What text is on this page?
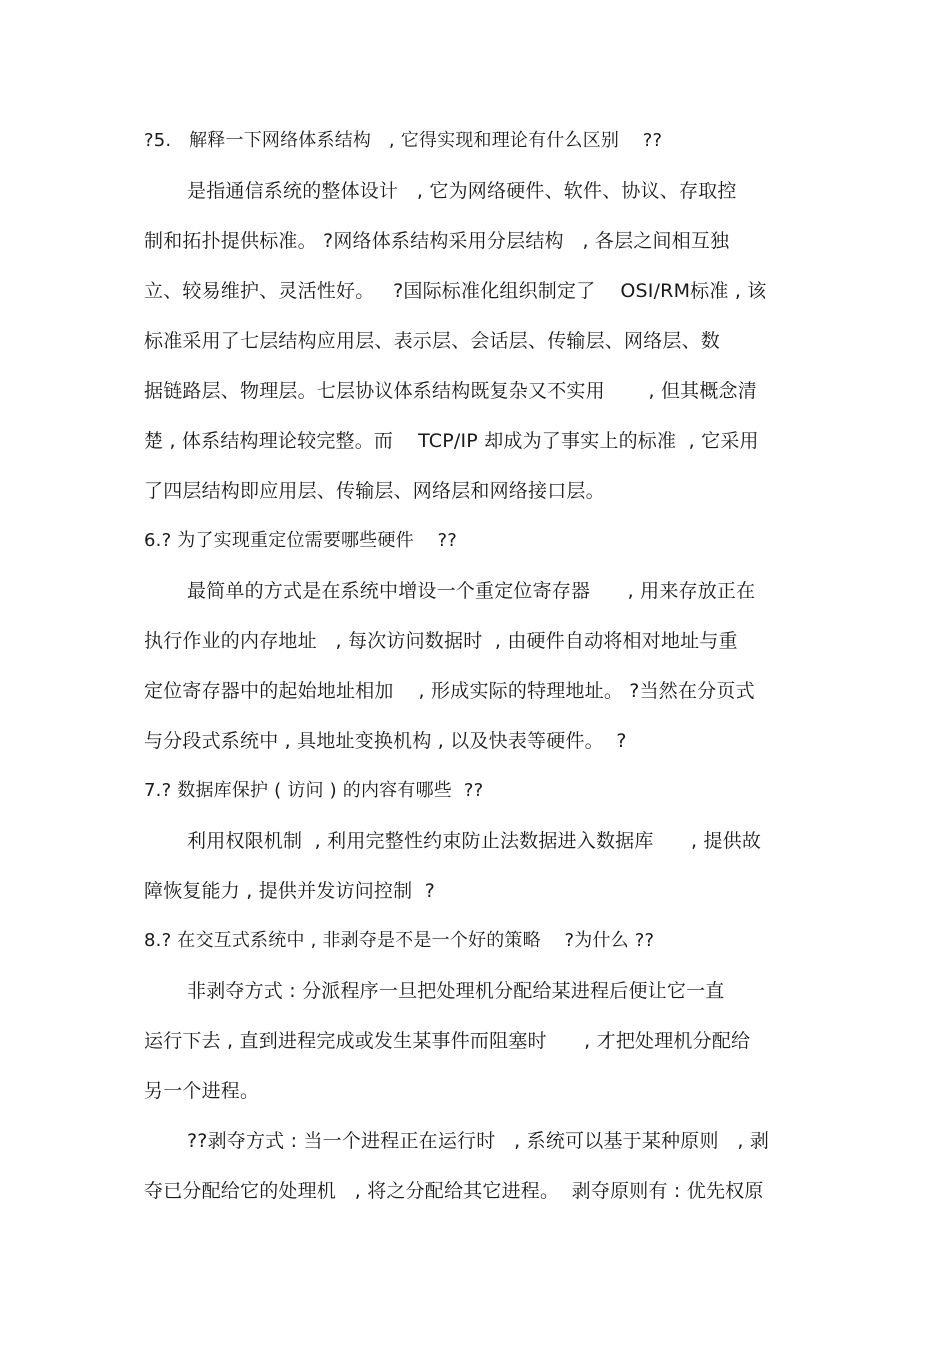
?5.   解释一下网络体系结构   , 它得实现和理论有什么区别    ??
是指通信系统的整体设计   , 它为网络硬件、软件、协议、存取控
制和拓扑提供标准。 ?网络体系结构采用分层结构   , 各层之间相互独
立、较易维护、灵活性好。   ?国际标准化组织制定了    OSI/RM标准 , 该
标准采用了七层结构应用层、表示层、会话层、传输层、网络层、数
据链路层、物理层。七层协议体系结构既复杂又不实用       , 但其概念清
楚 , 体系结构理论较完整。而    TCP/IP 却成为了事实上的标准  , 它采用
了四层结构即应用层、传输层、网络层和网络接口层。
6.? 为了实现重定位需要哪些硬件    ??
最简单的方式是在系统中增设一个重定位寄存器      , 用来存放正在
执行作业的内存地址   , 每次访问数据时  , 由硬件自动将相对地址与重
定位寄存器中的起始地址相加    , 形成实际的特理地址。 ?当然在分页式
与分段式系统中 , 具地址变换机构 , 以及快表等硬件。  ?
7.? 数据库保护 ( 访问 ) 的内容有哪些  ??
利用权限机制  , 利用完整性约束防止法数据进入数据库      , 提供故
障恢复能力 , 提供并发访问控制  ?
8.? 在交互式系统中 , 非剥夺是不是一个好的策略    ?为什么 ??
非剥夺方式 : 分派程序一旦把处理机分配给某进程后便让它一直
运行下去 , 直到进程完成或发生某事件而阻塞时      , 才把处理机分配给
另一个进程。
??剥夺方式 : 当一个进程正在运行时   , 系统可以基于某种原则   , 剥
夺已分配给它的处理机   , 将之分配给其它进程。  剥夺原则有 : 优先权原
